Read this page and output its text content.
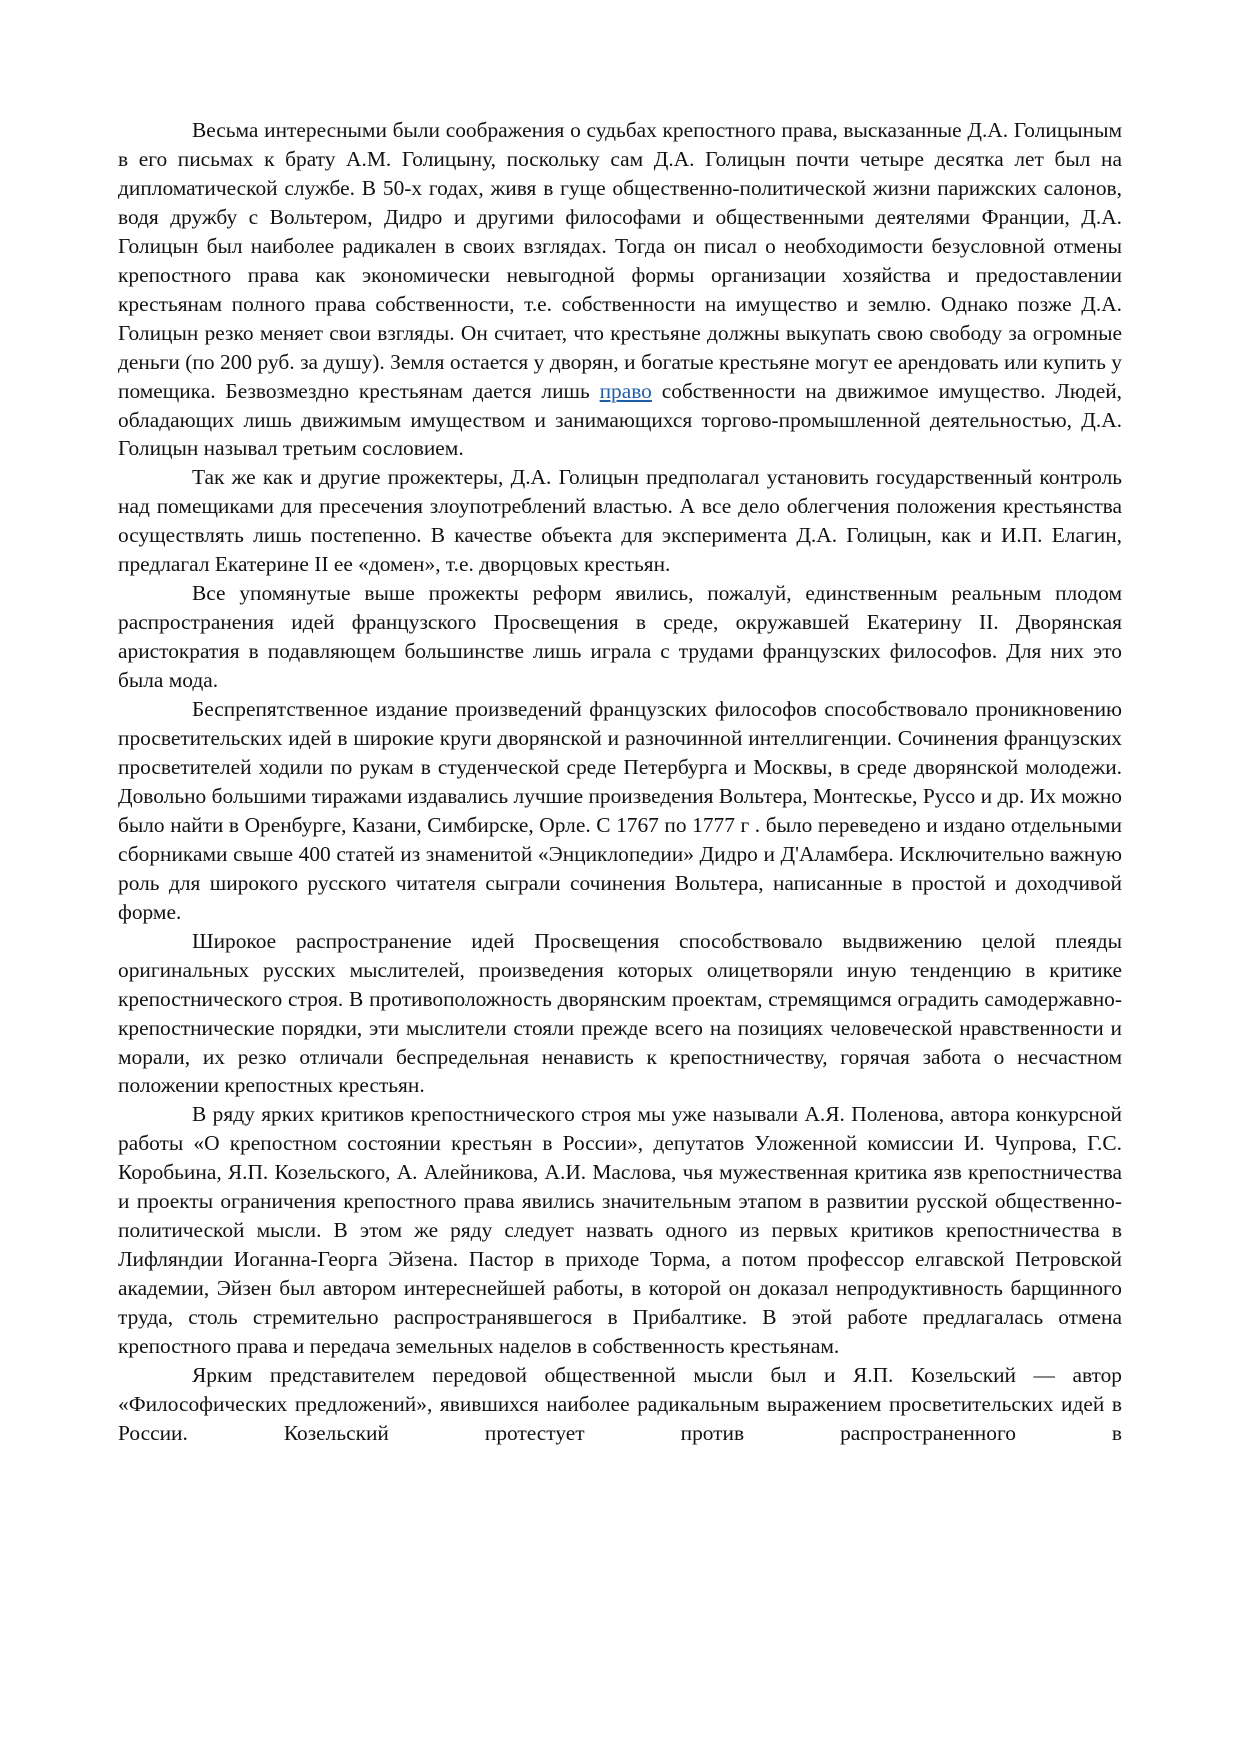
Весьма интересными были соображения о судьбах крепостного права, высказанные Д.А. Голицыным в его письмах к брату А.М. Голицыну, поскольку сам Д.А. Голицын почти четыре десятка лет был на дипломатической службе. В 50-х годах, живя в гуще общественно-политической жизни парижских салонов, водя дружбу с Вольтером, Дидро и другими философами и общественными деятелями Франции, Д.А. Голицын был наиболее радикален в своих взглядах. Тогда он писал о необходимости безусловной отмены крепостного права как экономически невыгодной формы организации хозяйства и предоставлении крестьянам полного права собственности, т.е. собственности на имущество и землю. Однако позже Д.А. Голицын резко меняет свои взгляды. Он считает, что крестьяне должны выкупать свою свободу за огромные деньги (по 200 руб. за душу). Земля остается у дворян, и богатые крестьяне могут ее арендовать или купить у помещика. Безвозмездно крестьянам дается лишь право собственности на движимое имущество. Людей, обладающих лишь движимым имуществом и занимающихся торгово-промышленной деятельностью, Д.А. Голицын называл третьим сословием.

Так же как и другие прожектеры, Д.А. Голицын предполагал установить государственный контроль над помещиками для пресечения злоупотреблений властью. А все дело облегчения положения крестьянства осуществлять лишь постепенно. В качестве объекта для эксперимента Д.А. Голицын, как и И.П. Елагин, предлагал Екатерине II ее «домен», т.е. дворцовых крестьян.

Все упомянутые выше прожекты реформ явились, пожалуй, единственным реальным плодом распространения идей французского Просвещения в среде, окружавшей Екатерину II. Дворянская аристократия в подавляющем большинстве лишь играла с трудами французских философов. Для них это была мода.

Беспрепятственное издание произведений французских философов способствовало проникновению просветительских идей в широкие круги дворянской и разночинной интеллигенции. Сочинения французских просветителей ходили по рукам в студенческой среде Петербурга и Москвы, в среде дворянской молодежи. Довольно большими тиражами издавались лучшие произведения Вольтера, Монтескье, Руссо и др. Их можно было найти в Оренбурге, Казани, Симбирске, Орле. С 1767 по 1777 г . было переведено и издано отдельными сборниками свыше 400 статей из знаменитой «Энциклопедии» Дидро и Д'Аламбера. Исключительно важную роль для широкого русского читателя сыграли сочинения Вольтера, написанные в простой и доходчивой форме.

Широкое распространение идей Просвещения способствовало выдвижению целой плеяды оригинальных русских мыслителей, произведения которых олицетворяли иную тенденцию в критике крепостнического строя. В противоположность дворянским проектам, стремящимся оградить самодержавно-крепостнические порядки, эти мыслители стояли прежде всего на позициях человеческой нравственности и морали, их резко отличали беспредельная ненависть к крепостничеству, горячая забота о несчастном положении крепостных крестьян.

В ряду ярких критиков крепостнического строя мы уже называли А.Я. Поленова, автора конкурсной работы «О крепостном состоянии крестьян в России», депутатов Уложенной комиссии И. Чупрова, Г.С. Коробьина, Я.П. Козельского, А. Алейникова, А.И. Маслова, чья мужественная критика язв крепостничества и проекты ограничения крепостного права явились значительным этапом в развитии русской общественно-политической мысли. В этом же ряду следует назвать одного из первых критиков крепостничества в Лифляндии Иоганна-Георга Эйзена. Пастор в приходе Торма, а потом профессор елгавской Петровской академии, Эйзен был автором интереснейшей работы, в которой он доказал непродуктивность барщинного труда, столь стремительно распространявшегося в Прибалтике. В этой работе предлагалась отмена крепостного права и передача земельных наделов в собственность крестьянам.

Ярким представителем передовой общественной мысли был и Я.П. Козельский — автор «Философических предложений», явившихся наиболее радикальным выражением просветительских идей в России. Козельский протестует против распространенного в
